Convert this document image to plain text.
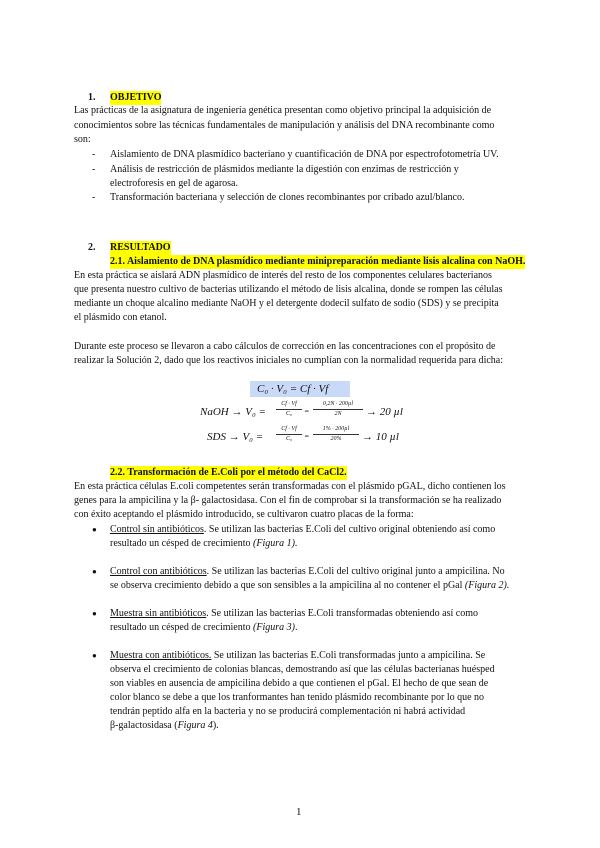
1. OBJETIVO
Las prácticas de la asignatura de ingeniería genética presentan como objetivo principal la adquisición de
conocimientos sobre las técnicas fundamentales de manipulación y análisis del DNA recombinante como
son:
- Aislamiento de DNA plasmídico bacteriano y cuantificación de DNA por espectrofotometría UV.
- Análisis de restricción de plásmidos mediante la digestión con enzimas de restricción y
electroforesis en gel de agarosa.
- Transformación bacteriana y selección de clones recombinantes por cribado azul/blanco.
2. RESULTADO
2.1. Aislamiento de DNA plasmídico mediante minipreparación mediante lisis alcalina con NaOH.
En esta práctica se aislará ADN plasmídico de interés del resto de los componentes celulares bacterianos
que presenta nuestro cultivo de bacterias utilizando el método de lisis alcalina, donde se rompen las células
mediante un choque alcalino mediante NaOH y el detergente dodecil sulfato de sodio (SDS) y se precipita
el plásmido con etanol.
Durante este proceso se llevaron a cabo cálculos de corrección en las concentraciones con el propósito de
realizar la Solución 2, dado que los reactivos iniciales no cumplían con la normalidad requerida para dicha:
C₀ · V₀ = Cf · Vf
NaOH → V₀ =
Cf · Vf
C₀	=
0,2N · 200µl
2N	→ 20 µl
SDS → V₀ =
Cf · Vf
C₀	=
1% · 200µl
20%	→ 10 µl
2.2. Transformación de E.Coli por el método del CaCl2.
En esta práctica células E.coli competentes serán transformadas con el plásmido pGAL, dicho contienen los
genes para la ampicilina y la β- galactosidasa. Con el fin de comprobar si la transformación se ha realizado
con éxito aceptando el plásmido introducido, se cultivaron cuatro placas de la forma:
● Control sin antibióticos. Se utilizan las bacterias E.Coli del cultivo original obteniendo así como
resultado un césped de crecimiento (Figura 1).
● Control con antibióticos. Se utilizan las bacterias E.Coli del cultivo original junto a ampicilina. No
se observa crecimiento debido a que son sensibles a la ampicilina al no contener el pGal (Figura 2).
● Muestra sin antibióticos. Se utilizan las bacterias E.Coli transformadas obteniendo así como
resultado un césped de crecimiento (Figura 3).
● Muestra con antibióticos. Se utilizan las bacterias E.Coli transformadas junto a ampicilina. Se
observa el crecimiento de colonias blancas, demostrando así que las células bacterianas huésped
son viables en ausencia de ampicilina debido a que contienen el pGal. El hecho de que sean de
color blanco se debe a que los tranformantes han tenido plásmido recombinante por lo que no
tendrán peptido alfa en la bacteria y no se producirá complementación ni habrá actividad
β-galactosidasa (Figura 4).
1
